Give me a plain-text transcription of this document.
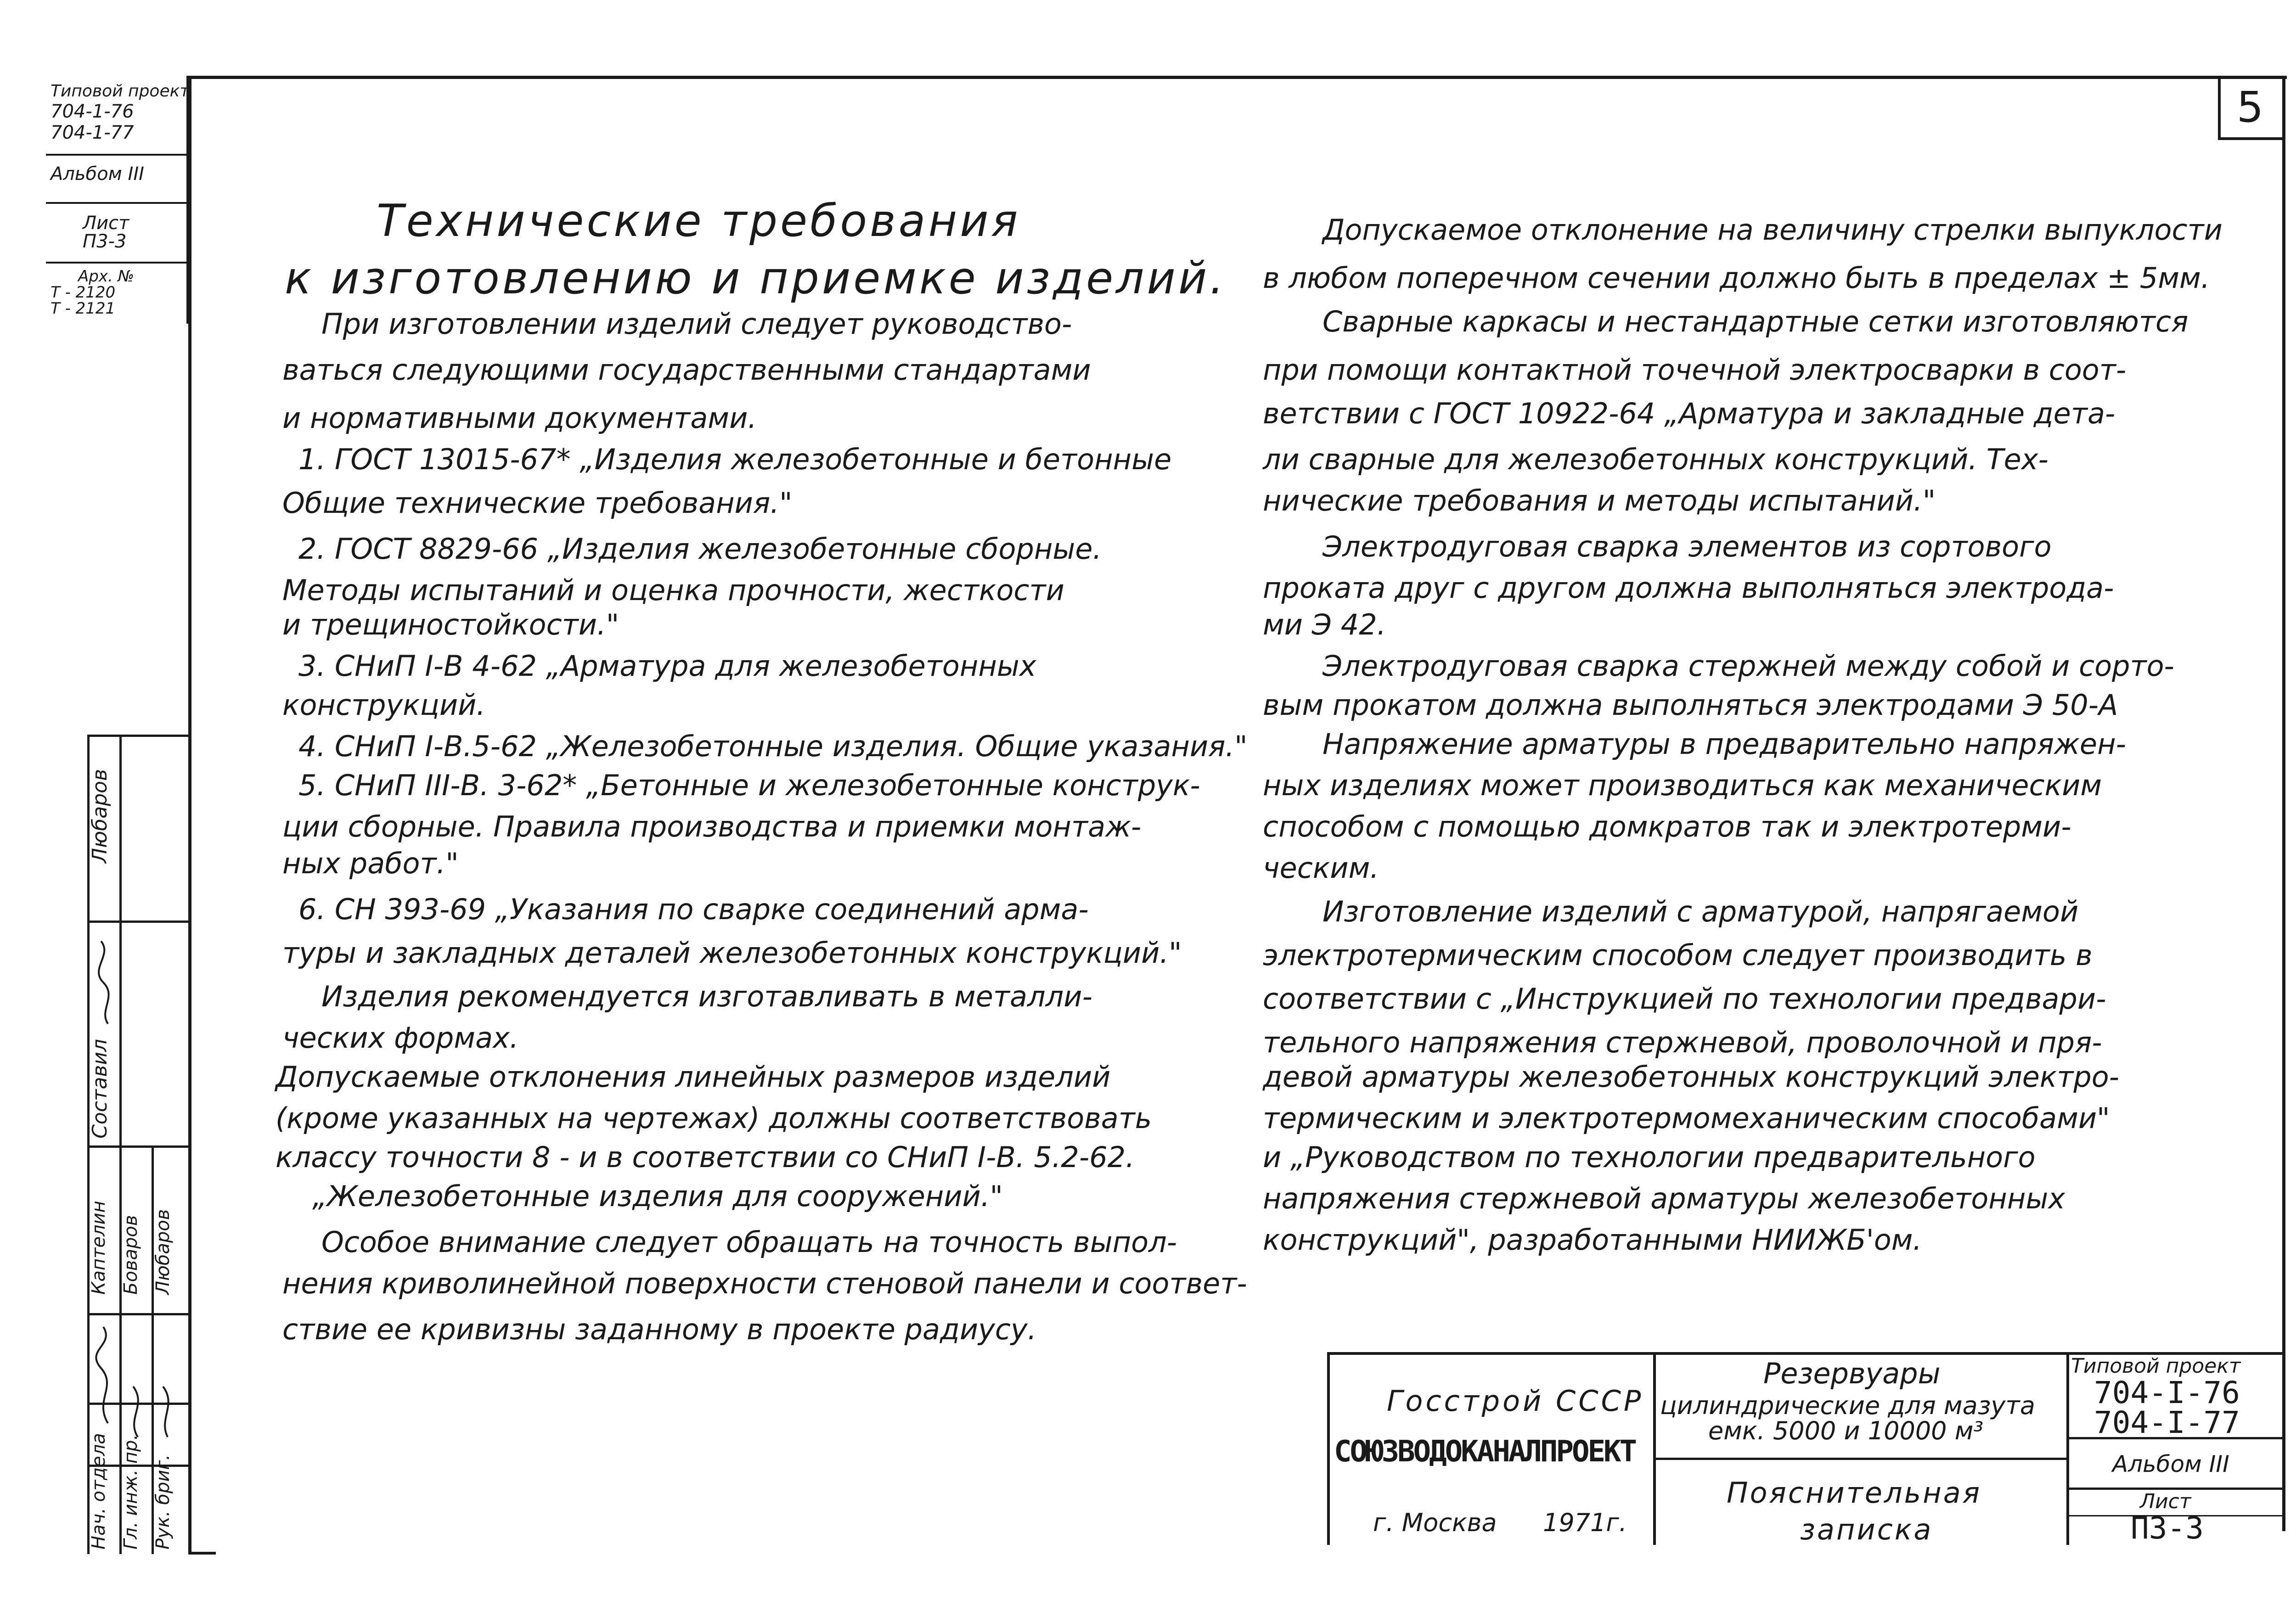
5
Типовой проект
704-1-76
704-1-77
Альбом III
Лист
П3-3
Арх. №
Т - 2120
Т - 2121
Любаров
Составил
Нач. отдела Гл. инж. пр. Рук. бриг.
Каптелин Боваров Любаров
Технические требования
к изготовлению и приемке изделий.
При изготовлении изделий следует руководство-
ваться следующими государственными стандартами
и нормативными документами.
1. ГОСТ 13015-67* „Изделия железобетонные и бетонные
Общие технические требования."
2. ГОСТ 8829-66 „Изделия железобетонные сборные.
Методы испытаний и оценка прочности, жесткости
и трещиностойкости."
3. СНиП I-В 4-62 „Арматура для железобетонных
конструкций.
4. СНиП I-В.5-62 „Железобетонные изделия. Общие указания."
5. СНиП III-В. 3-62* „Бетонные и железобетонные конструк-
ции сборные. Правила производства и приемки монтаж-
ных работ."
6. СН 393-69 „Указания по сварке соединений арма-
туры и закладных деталей железобетонных конструкций."
Изделия рекомендуется изготавливать в металли-
ческих формах.
Допускаемые отклонения линейных размеров изделий
(кроме указанных на чертежах) должны соответствовать
классу точности 8 - и в соответствии со СНиП I-В. 5.2-62.
„Железобетонные изделия для сооружений."
Особое внимание следует обращать на точность выпол-
нения криволинейной поверхности стеновой панели и соответ-
ствие ее кривизны заданному в проекте радиусу.
Допускаемое отклонение на величину стрелки выпуклости
в любом поперечном сечении должно быть в пределах ± 5мм.
Сварные каркасы и нестандартные сетки изготовляются
при помощи контактной точечной электросварки в соот-
ветствии с ГОСТ 10922-64 „Арматура и закладные дета-
ли сварные для железобетонных конструкций. Тех-
нические требования и методы испытаний."
Электродуговая сварка элементов из сортового
проката друг с другом должна выполняться электрода-
ми Э 42.
Электродуговая сварка стержней между собой и сорто-
вым прокатом должна выполняться электродами Э 50-А
Напряжение арматуры в предварительно напряжен-
ных изделиях может производиться как механическим
способом с помощью домкратов так и электротерми-
ческим.
Изготовление изделий с арматурой, напрягаемой
электротермическим способом следует производить в
соответствии с „Инструкцией по технологии предвари-
тельного напряжения стержневой, проволочной и пря-
девой арматуры железобетонных конструкций электро-
термическим и электротермомеханическим способами"
и „Руководством по технологии предварительного
напряжения стержневой арматуры железобетонных
конструкций", разработанными НИИЖБ'ом.
Госстрой СССР
СОЮЗВОДОКАНАЛПРОЕКТ
г. Москва 1971г.
Резервуары
цилиндрические для мазута
емк. 5000 и 10000 м³
Пояснительная
записка
Типовой проект
704-I-76
704-I-77
Альбом III
Лист
П3-3
